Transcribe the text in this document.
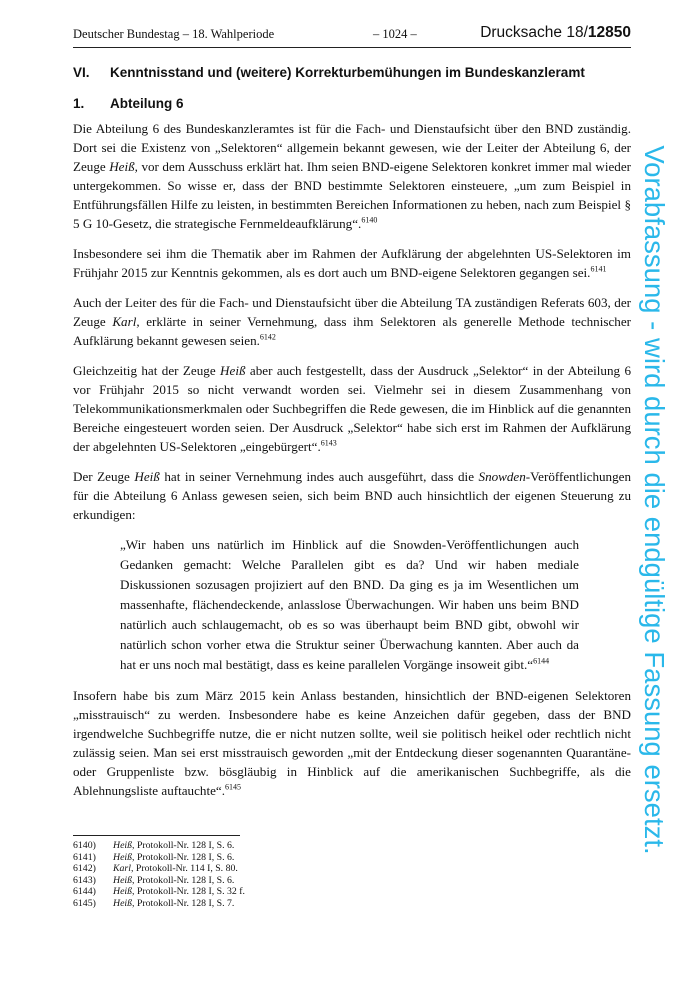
Deutscher Bundestag – 18. Wahlperiode	– 1024 –	Drucksache 18/12850
VI. Kenntnisstand und (weitere) Korrekturbemühungen im Bundeskanzleramt
1. Abteilung 6

Die Abteilung 6 des Bundeskanzleramtes ist für die Fach- und Dienstaufsicht über den BND zuständig. Dort sei die Existenz von „Selektoren“ allgemein bekannt gewesen, wie der Leiter der Abteilung 6, der Zeuge Heiß, vor dem Ausschuss erklärt hat. Ihm seien BND-eigene Selektoren konkret immer mal wieder untergekommen. So wisse er, dass der BND bestimmte Selektoren einsteuere, „um zum Beispiel in Entführungsfällen Hilfe zu leisten, in bestimmten Bereichen Informationen zu heben, nach zum Beispiel § 5 G 10-Gesetz, die strategische Fernmeldeaufklärung“.$^{6140}$

Insbesondere sei ihm die Thematik aber im Rahmen der Aufklärung der abgelehnten US-Selektoren im Frühjahr 2015 zur Kenntnis gekommen, als es dort auch um BND-eigene Selektoren gegangen sei.$^{6141}$

Auch der Leiter des für die Fach- und Dienstaufsicht über die Abteilung TA zuständigen Referats 603, der Zeuge Karl, erklärte in seiner Vernehmung, dass ihm Selektoren als generelle Methode technischer Aufklärung bekannt gewesen seien.$^{6142}$

Gleichzeitig hat der Zeuge Heiß aber auch festgestellt, dass der Ausdruck „Selektor“ in der Abteilung 6 vor Frühjahr 2015 so nicht verwandt worden sei. Vielmehr sei in diesem Zusammenhang von Telekommunikationsmerkmalen oder Suchbegriffen die Rede gewesen, die im Hinblick auf die genannten Bereiche eingesteuert worden seien. Der Ausdruck „Selektor“ habe sich erst im Rahmen der Aufklärung der abgelehnten US-Selektoren „eingebürgert“.$^{6143}$

Der Zeuge Heiß hat in seiner Vernehmung indes auch ausgeführt, dass die Snowden-Veröffentlichungen für die Abteilung 6 Anlass gewesen seien, sich beim BND auch hinsichtlich der eigenen Steuerung zu erkundigen:

„Wir haben uns natürlich im Hinblick auf die Snowden-Veröffentlichungen auch Gedanken gemacht: Welche Parallelen gibt es da? Und wir haben mediale Diskussionen sozusagen projiziert auf den BND. Da ging es ja im Wesentlichen um massenhafte, flächendeckende, anlasslose Überwachungen. Wir haben uns beim BND natürlich auch schlaugemacht, ob es so was überhaupt beim BND gibt, obwohl wir natürlich schon vorher etwa die Struktur seiner Überwachung kannten. Aber auch da hat er uns noch mal bestätigt, dass es keine parallelen Vorgänge insoweit gibt.“$^{6144}$

Insofern habe bis zum März 2015 kein Anlass bestanden, hinsichtlich der BND-eigenen Selektoren „misstrauisch“ zu werden. Insbesondere habe es keine Anzeichen dafür gegeben, dass der BND irgendwelche Suchbegriffe nutze, die er nicht nutzen sollte, weil sie politisch heikel oder rechtlich nicht zulässig seien. Man sei erst misstrauisch geworden „mit der Entdeckung dieser sogenannten Quarantäne- oder Gruppenliste bzw. bösgläubig in Hinblick auf die amerikanischen Suchbegriffe, als die Ablehnungsliste auftauchte“.$^{6145}$

6140) Heiß, Protokoll-Nr. 128 I, S. 6.
6141) Heiß, Protokoll-Nr. 128 I, S. 6.
6142) Karl, Protokoll-Nr. 114 I, S. 80.
6143) Heiß, Protokoll-Nr. 128 I, S. 6.
6144) Heiß, Protokoll-Nr. 128 I, S. 32 f.
6145) Heiß, Protokoll-Nr. 128 I, S. 7.
Vorabfassung - wird durch die endgültige Fassung ersetzt.
